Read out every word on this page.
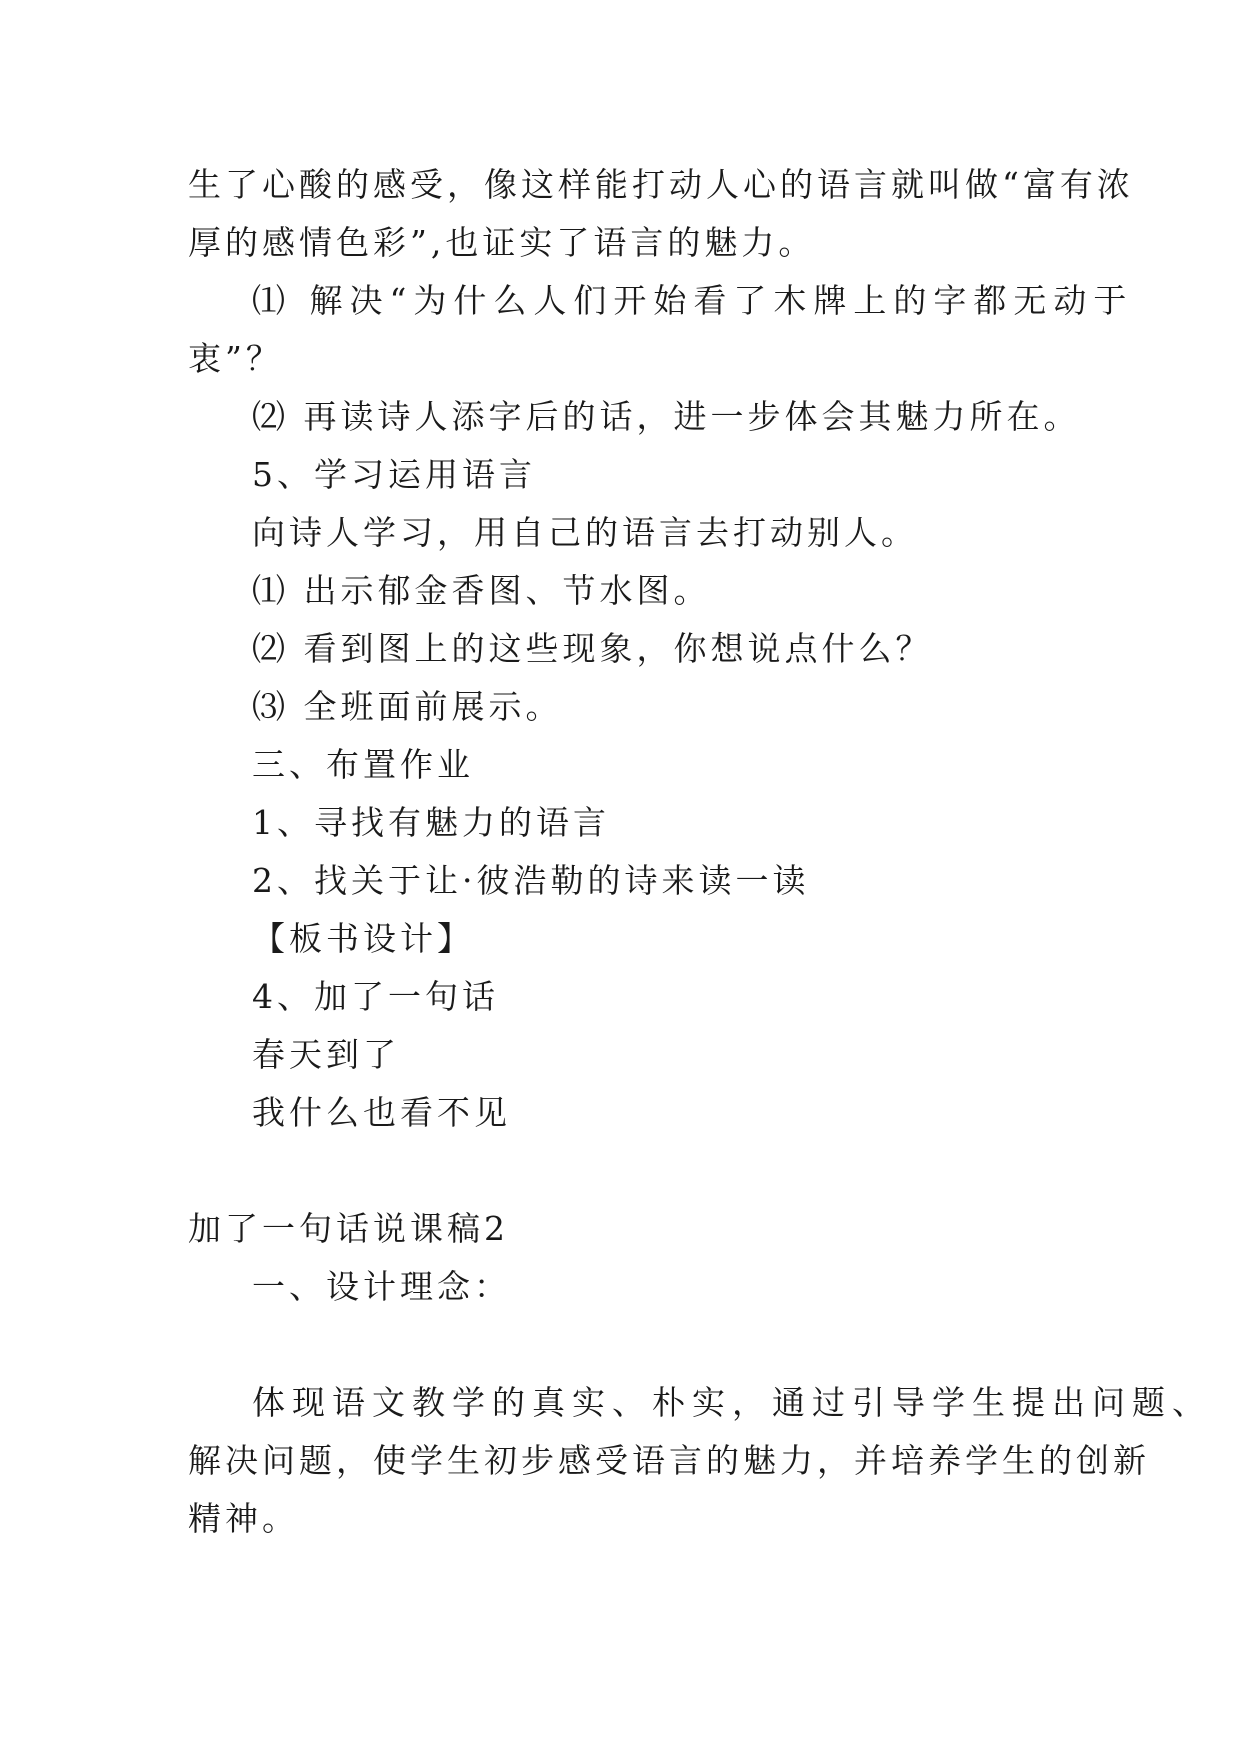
生了心酸的感受，像这样能打动人心的语言就叫做“富有浓
厚的感情色彩”,也证实了语言的魅力。
⑴ 解决“为什么人们开始看了木牌上的字都无动于
衷”？
⑵ 再读诗人添字后的话，进一步体会其魅力所在。
5、学习运用语言
向诗人学习，用自己的语言去打动别人。
⑴ 出示郁金香图、节水图。
⑵ 看到图上的这些现象，你想说点什么？
⑶ 全班面前展示。
三、布置作业
1、寻找有魅力的语言
2、找关于让·彼浩勒的诗来读一读
【板书设计】
4、加了一句话
春天到了
我什么也看不见
加了一句话说课稿2
一、设计理念：
体现语文教学的真实、朴实，通过引导学生提出问题、
解决问题，使学生初步感受语言的魅力，并培养学生的创新
精神。
